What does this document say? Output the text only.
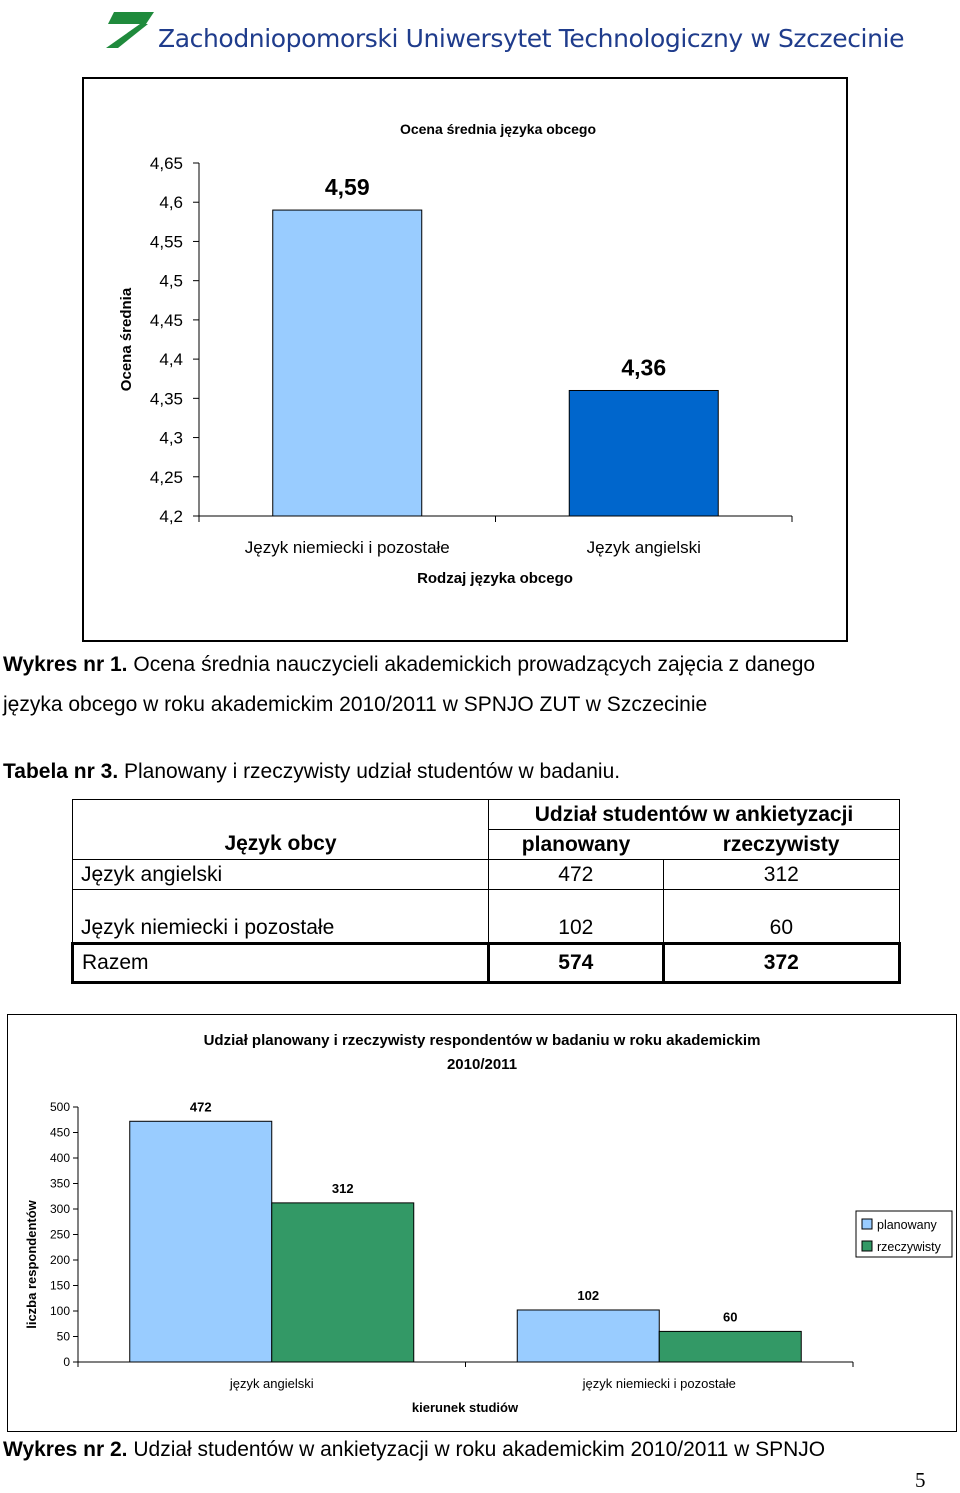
Zachodniopomorski Uniwersytet Technologiczny w Szczecinie
Ocena średnia języka obcego
Rodzaj języka obcego
Ocena średnia
4,2
4,25
4,3
4,35
4,4
4,45
4,5
4,55
4,6
4,65
4,59
Język niemiecki i pozostałe
4,36
Język angielski
Wykres nr 1. Ocena średnia nauczycieli akademickich prowadzących zajęcia z danego
języka obcego w roku akademickim 2010/2011 w SPNJO ZUT w Szczecinie
Tabela nr 3. Planowany i rzeczywisty udział studentów w badaniu.
	Udział studentów w ankietyzacji	
Język obcy	planowany	rzeczywisty
Język angielski	472	312
Język niemiecki i pozostałe	102	60
Razem	574	372
Udział planowany i rzeczywisty respondentów w badaniu w roku akademickim
2010/2011
kierunek studiów
liczba respondentów
0
50
100
150
200
250
300
350
400
450
500	472
312
język angielski
102
60
język niemiecki i pozostałe
planowany
rzeczywisty
Wykres nr 2. Udział studentów w ankietyzacji w roku akademickim 2010/2011 w SPNJO
5
